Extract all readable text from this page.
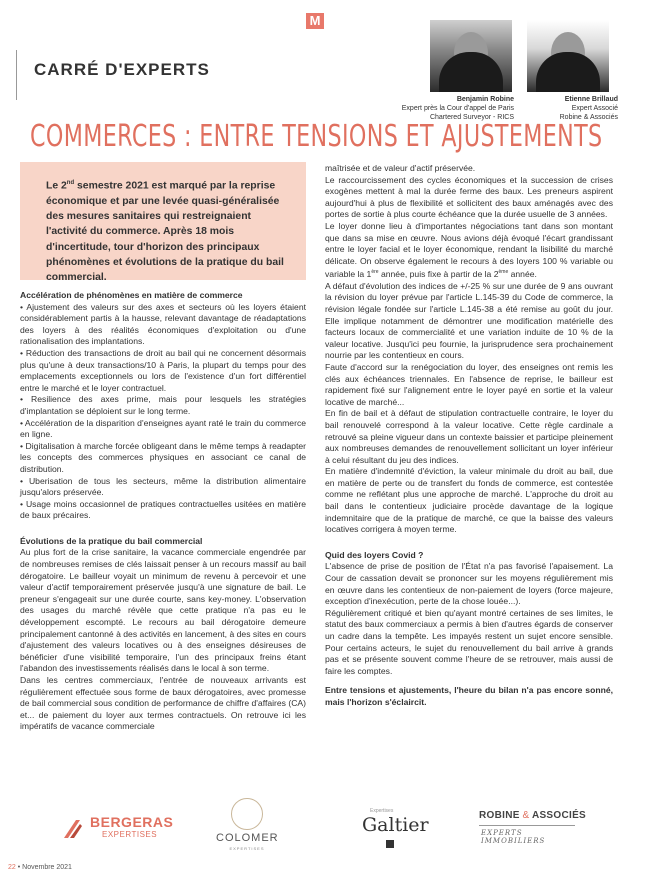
M
CARRÉ D'EXPERTS
Benjamin Robine
Expert près la Cour d'appel de Paris
Chartered Surveyor - RICS
Etienne Brillaud
Expert Associé
Robine & Associés
COMMERCES : ENTRE TENSIONS ET AJUSTEMENTS

Le 2nd semestre 2021 est marqué par la reprise économique et par une levée quasi-généralisée des mesures sanitaires qui restreignaient l'activité du commerce. Après 18 mois d'incertitude, tour d'horizon des principaux phénomènes et évolutions de la pratique du bail commercial.

Accélération de phénomènes en matière de commerce

• Ajustement des valeurs sur des axes et secteurs où les loyers étaient considérablement partis à la hausse, relevant davantage de réadaptations des loyers à des réalités économiques d'exploitation ou d'une rationalisation des implantations.

• Réduction des transactions de droit au bail qui ne concernent désormais plus qu'une à deux transactions/10 à Paris, la plupart du temps pour des emplacements exceptionnels ou lors de l'existence d'un fort différentiel entre le marché et le loyer contractuel.

• Resilience des axes prime, mais pour lesquels les stratégies d'implantation se déploient sur le long terme.

• Accélération de la disparition d'enseignes ayant raté le train du commerce en ligne.

• Digitalisation à marche forcée obligeant dans le même temps à readapter les concepts des commerces physiques en associant ce canal de distribution.

• Uberisation de tous les secteurs, même la distribution alimentaire jusqu'alors préservée.

• Usage moins occasionnel de pratiques contractuelles usitées en matière de baux précaires.

Évolutions de la pratique du bail commercial

Au plus fort de la crise sanitaire, la vacance commerciale engendrée par de nombreuses remises de clés laissait penser à un recours massif au bail dérogatoire. Le bailleur voyait un minimum de revenu à percevoir et une valeur d'actif temporairement préservée jusqu'à une signature de bail. Le preneur s'engageait sur une durée courte, sans key-money. L'observation des usages du marché révèle que cette pratique n'a pas eu le développement escompté. Le recours au bail dérogatoire demeure principalement cantonné à des activités en lancement, à des sites en cours d'ajustement des valeurs locatives ou à des enseignes désireuses de bénéficier d'une visibilité temporaire, l'un des principaux freins étant l'abandon des investissements réalisés dans le local à son terme.

Dans les centres commerciaux, l'entrée de nouveaux arrivants est régulièrement effectuée sous forme de baux dérogatoires, avec promesse de bail commercial sous condition de performance de chiffre d'affaires (CA) et... de paiement du loyer aux termes contractuels. On retrouve ici les impératifs de vacance commerciale

maîtrisée et de valeur d'actif préservée.

Le raccourcissement des cycles économiques et la succession de crises exogènes mettent à mal la durée ferme des baux. Les preneurs aspirent aujourd'hui à plus de flexibilité et sollicitent des baux aménagés avec des portes de sortie à plus courte échéance que la durée usuelle de 3 années.

Le loyer donne lieu à d'importantes négociations tant dans son montant que dans sa mise en œuvre. Nous avions déjà évoqué l'écart grandissant entre le loyer facial et le loyer économique, rendant la lisibilité du marché délicate. On observe également le recours à des loyers 100 % variable ou variable la 1ère année, puis fixe à partir de la 2ème année.

A défaut d'évolution des indices de +/-25 % sur une durée de 9 ans ouvrant la révision du loyer prévue par l'article L.145-39 du Code de commerce, la révision légale fondée sur l'article L.145-38 a été remise au goût du jour. Elle implique notamment de démontrer une modification matérielle des facteurs locaux de commercialité et une variation induite de 10 % de la valeur locative. Jusqu'ici peu fournie, la jurisprudence sera prochainement nourrie par les contentieux en cours.

Faute d'accord sur la renégociation du loyer, des enseignes ont remis les clés aux échéances triennales. En l'absence de reprise, le bailleur est rapidement fixé sur l'alignement entre le loyer payé en sortie et la valeur locative de marché...

En fin de bail et à défaut de stipulation contractuelle contraire, le loyer du bail renouvelé correspond à la valeur locative. Cette règle cardinale a retrouvé sa pleine vigueur dans un contexte baissier et participe pleinement aux nombreuses demandes de renouvellement sollicitant un loyer inférieur à celui résultant du jeu des indices.

En matière d'indemnité d'éviction, la valeur minimale du droit au bail, due en matière de perte ou de transfert du fonds de commerce, est contestée comme ne reflétant plus une approche de marché. L'approche du droit au bail dans le contentieux judiciaire procède davantage de la logique indemnitaire que de la pratique de marché, ce que la baisse des valeurs locatives corrigera à moyen terme.

Quid des loyers Covid ?

L'absence de prise de position de l'État n'a pas favorisé l'apaisement. La Cour de cassation devait se prononcer sur les moyens régulièrement mis en œuvre dans les contentieux de non-paiement de loyers (force majeure, exception d'inexécution, perte de la chose louée...).

Régulièrement critiqué et bien qu'ayant montré certaines de ses limites, le statut des baux commerciaux a permis à bien d'autres égards de conserver un cadre dans la tempête. Les impayés restent un sujet encore sensible. Pour certains acteurs, le sujet du renouvellement du bail arrive à grands pas et se présente souvent comme l'heure de se retrouver, mais aussi de faire les comptes.

Entre tensions et ajustements, l'heure du bilan n'a pas encore sonné, mais l'horizon s'éclaircit.

BERGERAS
EXPERTISES	COLOMER
EXPERTISES
Expertises
Galtier	ROBINE & ASSOCIÉS
EXPERTS IMMOBILIERS
22 • Novembre 2021
